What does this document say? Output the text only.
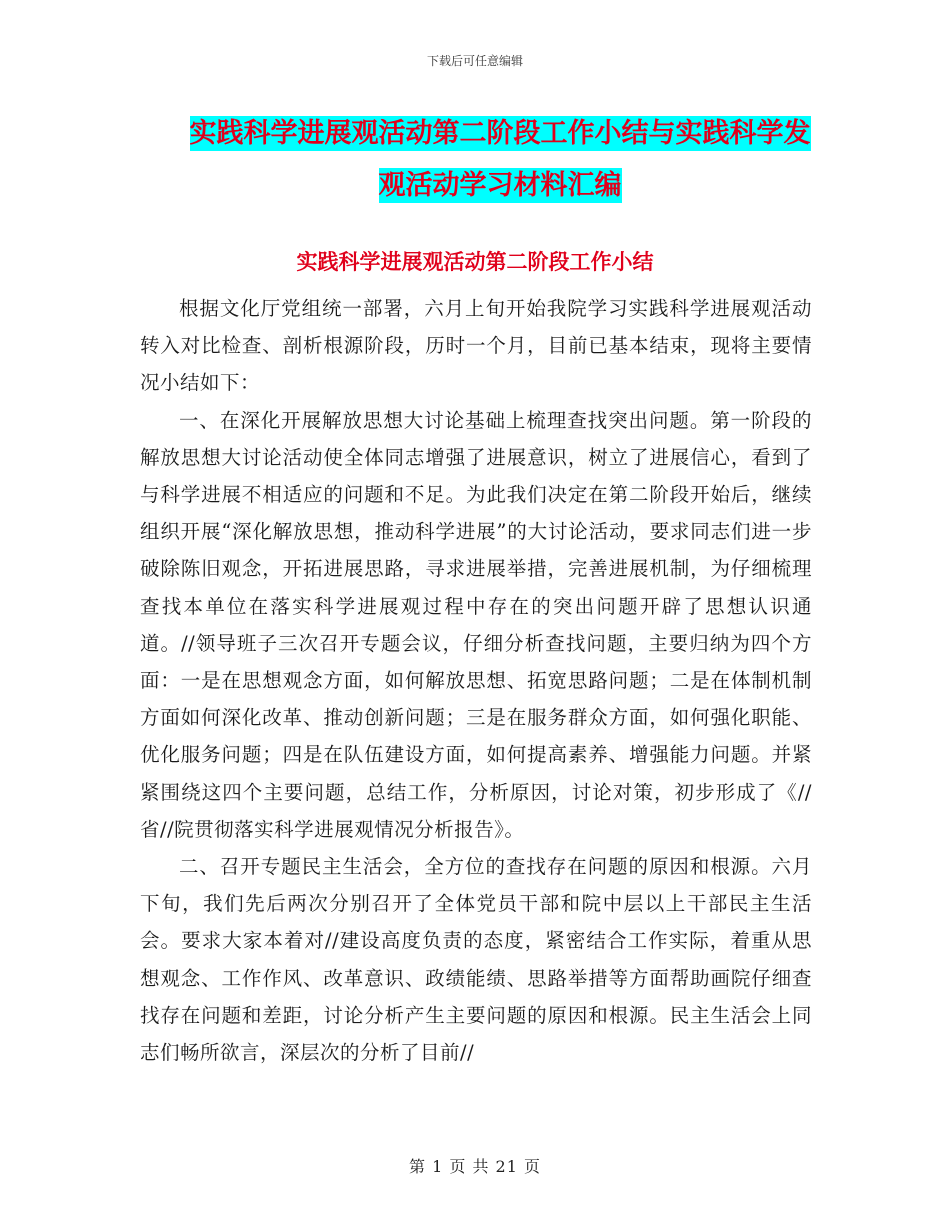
下载后可任意编辑
实践科学进展观活动第二阶段工作小结与实践科学发
观活动学习材料汇编
实践科学进展观活动第二阶段工作小结

根据文化厅党组统一部署，六月上旬开始我院学习实践科学进展观活动转入对比检查、剖析根源阶段，历时一个月，目前已基本结束，现将主要情况小结如下：

一、在深化开展解放思想大讨论基础上梳理查找突出问题。第一阶段的解放思想大讨论活动使全体同志增强了进展意识，树立了进展信心，看到了与科学进展不相适应的问题和不足。为此我们决定在第二阶段开始后，继续组织开展“深化解放思想，推动科学进展”的大讨论活动，要求同志们进一步破除陈旧观念，开拓进展思路，寻求进展举措，完善进展机制，为仔细梳理查找本单位在落实科学进展观过程中存在的突出问题开辟了思想认识通道。//领导班子三次召开专题会议，仔细分析查找问题，主要归纳为四个方面：一是在思想观念方面，如何解放思想、拓宽思路问题；二是在体制机制方面如何深化改革、推动创新问题；三是在服务群众方面，如何强化职能、优化服务问题；四是在队伍建设方面，如何提高素养、增强能力问题。并紧紧围绕这四个主要问题，总结工作，分析原因，讨论对策，初步形成了《//省//院贯彻落实科学进展观情况分析报告》。

二、召开专题民主生活会，全方位的查找存在问题的原因和根源。六月下旬，我们先后两次分别召开了全体党员干部和院中层以上干部民主生活会。要求大家本着对//建设高度负责的态度，紧密结合工作实际，着重从思想观念、工作作风、改革意识、政绩能绩、思路举措等方面帮助画院仔细查找存在问题和差距，讨论分析产生主要问题的原因和根源。民主生活会上同志们畅所欲言，深层次的分析了目前//

第 1 页 共 21 页
